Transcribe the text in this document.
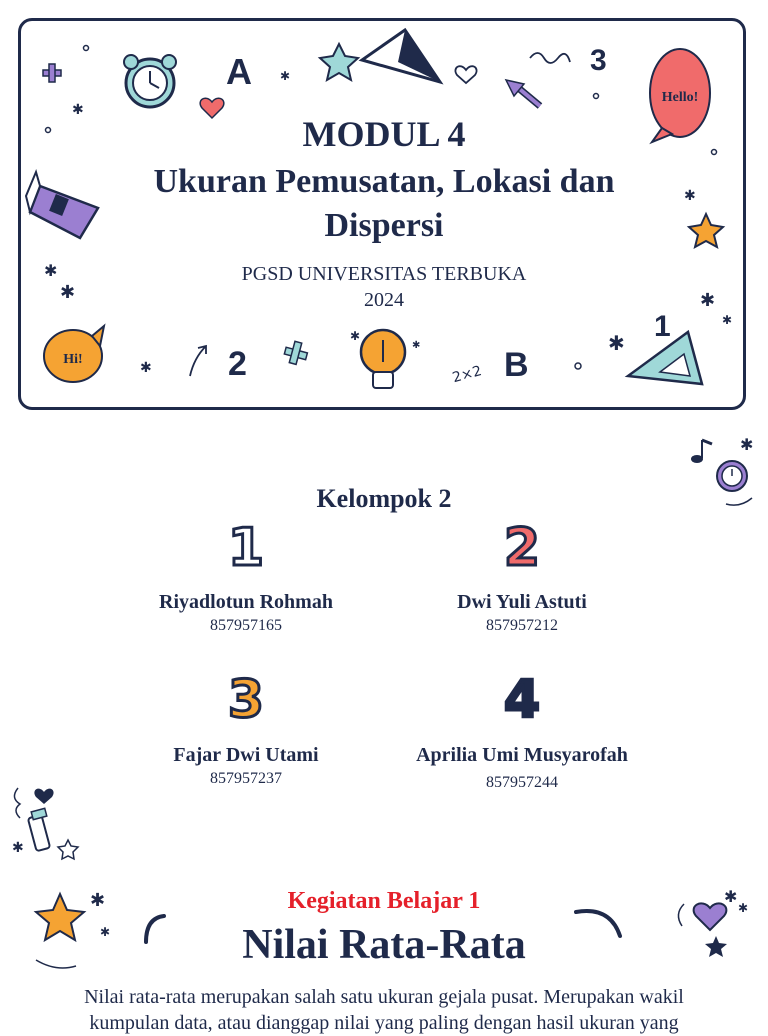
A	3
Hello!
✱
✱
✱
✱
✱
✱
✱
✱
✱
Hi!	2
✱
✱
2×2 B
1
MODUL 4
Ukuran Pemusatan, Lokasi dan Dispersi
PGSD UNIVERSITAS TERBUKA
2024
✱
Kelompok 2
1	2
3	4
Riyadlotun Rohmah
857957165
Dwi Yuli Astuti
857957212
Fajar Dwi Utami
857957237
Aprilia Umi Musyarofah
857957244
✱
✱
✱
✱
✱
Kegiatan Belajar 1
Nilai Rata-Rata
Nilai rata-rata merupakan salah satu ukuran gejala pusat. Merupakan wakil kumpulan data, atau dianggap nilai yang paling dengan hasil ukuran yang
